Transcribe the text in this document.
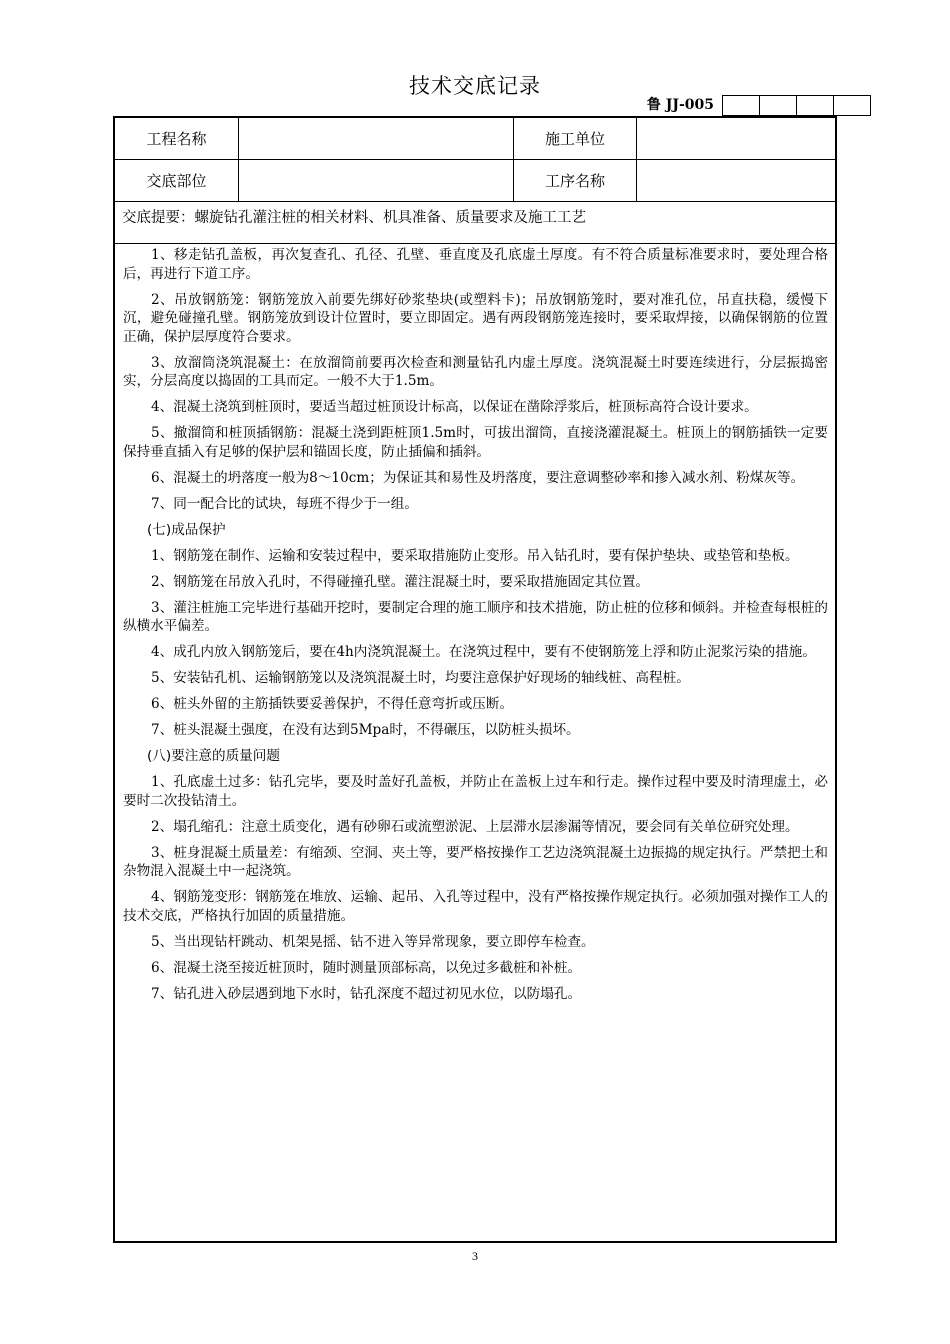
技术交底记录
鲁 JJ-005
工程名称	施工单位
交底部位	工序名称
交底提要：螺旋钻孔灌注桩的相关材料、机具准备、质量要求及施工工艺

1、移走钻孔盖板，再次复查孔、孔径、孔壁、垂直度及孔底虚土厚度。有不符合质量标准要求时，要处理合格后，再进行下道工序。

2、吊放钢筋笼：钢筋笼放入前要先绑好砂浆垫块(或塑料卡)；吊放钢筋笼时，要对准孔位，吊直扶稳，缓慢下沉，避免碰撞孔壁。钢筋笼放到设计位置时，要立即固定。遇有两段钢筋笼连接时，要采取焊接，以确保钢筋的位置正确，保护层厚度符合要求。

3、放溜筒浇筑混凝土：在放溜筒前要再次检查和测量钻孔内虚土厚度。浇筑混凝土时要连续进行，分层振捣密实，分层高度以捣固的工具而定。一般不大于1.5m。

4、混凝土浇筑到桩顶时，要适当超过桩顶设计标高，以保证在凿除浮浆后，桩顶标高符合设计要求。

5、撤溜筒和桩顶插钢筋：混凝土浇到距桩顶1.5m时，可拔出溜筒，直接浇灌混凝土。桩顶上的钢筋插铁一定要保持垂直插入有足够的保护层和锚固长度，防止插偏和插斜。

6、混凝土的坍落度一般为8～10cm；为保证其和易性及坍落度，要注意调整砂率和掺入减水剂、粉煤灰等。

7、同一配合比的试块，每班不得少于一组。

(七)成品保护

1、钢筋笼在制作、运输和安装过程中，要采取措施防止变形。吊入钻孔时，要有保护垫块、或垫管和垫板。

2、钢筋笼在吊放入孔时，不得碰撞孔壁。灌注混凝土时，要采取措施固定其位置。

3、灌注桩施工完毕进行基础开挖时，要制定合理的施工顺序和技术措施，防止桩的位移和倾斜。并检查每根桩的纵横水平偏差。

4、成孔内放入钢筋笼后，要在4h内浇筑混凝土。在浇筑过程中，要有不使钢筋笼上浮和防止泥浆污染的措施。

5、安装钻孔机、运输钢筋笼以及浇筑混凝土时，均要注意保护好现场的轴线桩、高程桩。

6、桩头外留的主筋插铁要妥善保护，不得任意弯折或压断。

7、桩头混凝土强度，在没有达到5Mpa时，不得碾压，以防桩头损坏。

(八)要注意的质量问题

1、孔底虚土过多：钻孔完毕，要及时盖好孔盖板，并防止在盖板上过车和行走。操作过程中要及时清理虚土，必要时二次投钻清土。

2、塌孔缩孔：注意土质变化，遇有砂卵石或流塑淤泥、上层滞水层渗漏等情况，要会同有关单位研究处理。

3、桩身混凝土质量差：有缩颈、空洞、夹土等，要严格按操作工艺边浇筑混凝土边振捣的规定执行。严禁把土和杂物混入混凝土中一起浇筑。

4、钢筋笼变形：钢筋笼在堆放、运输、起吊、入孔等过程中，没有严格按操作规定执行。必须加强对操作工人的技术交底，严格执行加固的质量措施。

5、当出现钻杆跳动、机架晃摇、钻不进入等异常现象，要立即停车检查。

6、混凝土浇至接近桩顶时，随时测量顶部标高，以免过多截桩和补桩。

7、钻孔进入砂层遇到地下水时，钻孔深度不超过初见水位，以防塌孔。

3
